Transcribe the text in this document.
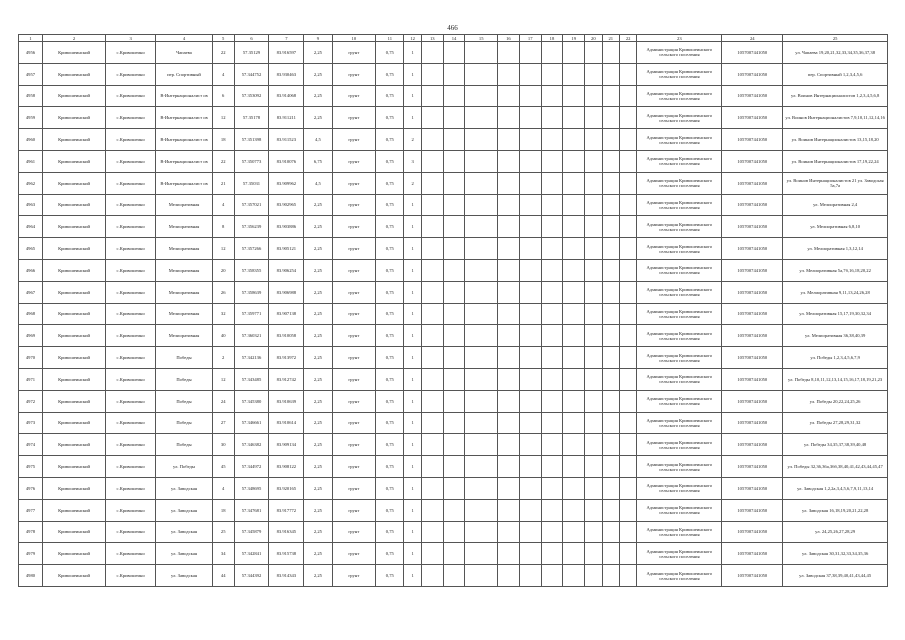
466
1	2	3	4	5	6	7	9	10	11	12	13	14	15	16	17	18	19	20	21	22	23	24	25
4956	Кривошеинский	с.Кривошеино	Чапаева	22	57.35129	83.916597	2,25	грунт	0,75	1											Администрация Кривошеинского сельского поселения	1057007441050	ул. Чапаева 19,20,21,32,33,34,35,36,37,38
4957	Кривошеинский	с.Кривошеино	пер. Спортивный	4	57.344752	83.930463	2,25	грунт	0,75	1											Администрация Кривошеинского сельского поселения	1057007441050	пер. Спортивный 1,2,3,4,5,6
4958	Кривошеинский	с.Кривошеино	В-Интернационалист ов	6	57.353092	83.914068	2,25	грунт	0,75	1											Администрация Кривошеинского сельского поселения	1057007441050	ул. Воинов Интернационалистов 1,2,3,4,5,6,8
4959	Кривошеинский	с.Кривошеино	В-Интернационалист ов	12	57.35178	83.911211	2,25	грунт	0,75	1											Администрация Кривошеинского сельского поселения	1057007441050	ул. Воинов Интернационалистов 7,9,10,11,12,14,16
4960	Кривошеинский	с.Кривошеино	В-Интернационалист ов	18	57.351398	83.911523	4,5	грунт	0,75	2											Администрация Кривошеинского сельского поселения	1057007441050	ул. Воинов Интернационалистов 13,15,18,20
4961	Кривошеинский	с.Кривошеино	В-Интернационалист ов	22	57.350773	83.910076	6,75	грунт	0,75	3											Администрация Кривошеинского сельского поселения	1057007441050	ул. Воинов Интернационалистов 17,19,22,24
4962	Кривошеинский	с.Кривошеино	В-Интернационалист ов	21	57.35031	83.909962	4,5	грунт	0,75	2											Администрация Кривошеинского сельского поселения	1057007441050	ул. Воинов Интернационалистов 21 ул. Заводская 5а,7а
4963	Кривошеинский	с.Кривошеино	Мелиоративная	4	57.357021	83.902965	2,25	грунт	0,75	1											Администрация Кривошеинского сельского поселения	1057007441050	ул. Мелиоративная 2,4
4964	Кривошеинский	с.Кривошеино	Мелиоративная	8	57.356239	83.903886	2,25	грунт	0,75	1											Администрация Кривошеинского сельского поселения	1057007441050	ул. Мелиоративная 6,8,10
4965	Кривошеинский	с.Кривошеино	Мелиоративная	12	57.357266	83.905121	2,25	грунт	0,75	1											Администрация Кривошеинского сельского поселения	1057007441050	ул. Мелиоративная 1,3,12,14
4966	Кривошеинский	с.Кривошеино	Мелиоративная	20	57.358355	83.906254	2,25	грунт	0,75	1											Администрация Кривошеинского сельского поселения	1057007441050	ул. Мелиоративная 5а,7б,16,18,20,22
4967	Кривошеинский	с.Кривошеино	Мелиоративная	26	57.358639	83.906988	2,25	грунт	0,75	1											Администрация Кривошеинского сельского поселения	1057007441050	ул. Мелиоративная 9,11,13,24,26,28
4968	Кривошеинский	с.Кривошеино	Мелиоративная	32	57.359771	83.907138	2,25	грунт	0,75	1											Администрация Кривошеинского сельского поселения	1057007441050	ул. Мелиоративная 15,17,19,30,32,34
4969	Кривошеинский	с.Кривошеино	Мелиоративная	40	57.360321	83.910058	2,25	грунт	0,75	1											Администрация Кривошеинского сельского поселения	1057007441050	ул. Мелиоративная 36,38,40,39
4970	Кривошеинский	с.Кривошеино	Победы	2	57.342136	83.913972	2,25	грунт	0,75	1											Администрация Кривошеинского сельского поселения	1057007441050	ул. Победы 1,2,3,4,5,6,7,9
4971	Кривошеинский	с.Кривошеино	Победы	12	57.343485	83.912742	2,25	грунт	0,75	1											Администрация Кривошеинского сельского поселения	1057007441050	ул. Победы 8,10,11,12,13,14,15,16,17,18,19,21,23
4972	Кривошеинский	с.Кривошеино	Победы	24	57.345380	83.910639	2,25	грунт	0,75	1											Администрация Кривошеинского сельского поселения	1057007441050	ул. Победы 20,22,24,25,26
4973	Кривошеинский	с.Кривошеино	Победы	27	57.346661	83.910614	2,25	грунт	0,75	1											Администрация Кривошеинского сельского поселения	1057007441050	ул. Победы 27,28,29,31,32
4974	Кривошеинский	с.Кривошеино	Победы	30	57.346382	83.909134	2,25	грунт	0,75	1											Администрация Кривошеинского сельского поселения	1057007441050	ул. Победы 34,35,37,38,39,40,48
4975	Кривошеинский	с.Кривошеино	ул. Победы	45	57.344972	83.908122	2,25	грунт	0,75	1											Администрация Кривошеинского сельского поселения	1057007441050	ул. Победы 32,36,36а,36б,38,40,41,42,43,44,45,47
4976	Кривошеинский	с.Кривошеино	ул. Заводская	4	57.348695	83.920165	2,25	грунт	0,75	1											Администрация Кривошеинского сельского поселения	1057007441050	ул. Заводская 1,2,2а,3,4,5,6,7,9,11,13,14
4977	Кривошеинский	с.Кривошеино	ул. Заводская	18	57.347681	83.917772	2,25	грунт	0,75	1											Администрация Кривошеинского сельского поселения	1057007441050	ул. Заводская 16,18,19,20,21,22,28
4978	Кривошеинский	с.Кривошеино	ул. Заводская	25	57.345879	83.916345	2,25	грунт	0,75	1											Администрация Кривошеинского сельского поселения	1057007441050	ул. 24,25,26,27,28,29
4979	Кривошеинский	с.Кривошеино	ул. Заводская	34	57.342841	83.915738	2,25	грунт	0,75	1											Администрация Кривошеинского сельского поселения	1057007441050	ул. Заводская 30,31,32,33,34,35,36
4980	Кривошеинский	с.Кривошеино	ул. Заводская	44	57.344392	83.914343	2,25	грунт	0,75	1											Администрация Кривошеинского сельского поселения	1057007441050	ул. Заводская 37,38,39,40,41,43,44,45
